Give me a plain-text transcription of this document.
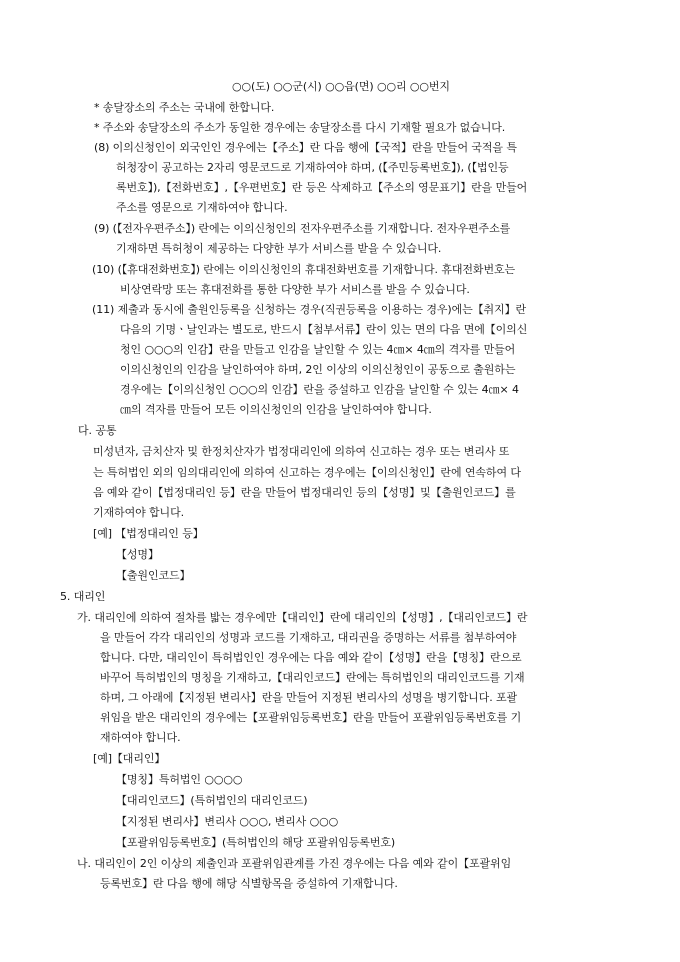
○○(도) ○○군(시) ○○읍(면) ○○리 ○○번지
* 송달장소의 주소는 국내에 한합니다.
* 주소와 송달장소의 주소가 동일한 경우에는 송달장소를 다시 기재할 필요가 없습니다.
(8) 이의신청인이 외국인인 경우에는【주소】란 다음 행에【국적】란을 만들어 국적을 특
허청장이 공고하는 2자리 영문코드로 기재하여야 하며, (【주민등록번호】), (【법인등
록번호】),【전화번호】,【우편번호】란 등은 삭제하고【주소의 영문표기】란을 만들어
주소를 영문으로 기재하여야 합니다.
(9) (【전자우편주소】) 란에는 이의신청인의 전자우편주소를 기재합니다. 전자우편주소를
기재하면 특허청이 제공하는 다양한 부가 서비스를 받을 수 있습니다.
(10) (【휴대전화번호】) 란에는 이의신청인의 휴대전화번호를 기재합니다. 휴대전화번호는
비상연락망 또는 휴대전화를 통한 다양한 부가 서비스를 받을 수 있습니다.
(11) 제출과 동시에 출원인등록을 신청하는 경우(직권등록을 이용하는 경우)에는【취지】란
다음의 기명ㆍ날인과는 별도로, 반드시【첨부서류】란이 있는 면의 다음 면에【이의신
청인 ○○○의 인감】란을 만들고 인감을 날인할 수 있는 4㎝× 4㎝의 격자를 만들어
이의신청인의 인감을 날인하여야 하며, 2인 이상의 이의신청인이 공동으로 출원하는
경우에는【이의신청인 ○○○의 인감】란을 증설하고 인감을 날인할 수 있는 4㎝× 4
㎝의 격자를 만들어 모든 이의신청인의 인감을 날인하여야 합니다.
다. 공통
미성년자, 금치산자 및 한정치산자가 법정대리인에 의하여 신고하는 경우 또는 변리사 또
는 특허법인 외의 임의대리인에 의하여 신고하는 경우에는【이의신청인】란에 연속하여 다
음 예와 같이【법정대리인 등】란을 만들어 법정대리인 등의【성명】및【출원인코드】를
기재하여야 합니다.
[예] 【법정대리인 등】
【성명】
【출원인코드】
5. 대리인
가. 대리인에 의하여 절차를 밟는 경우에만【대리인】란에 대리인의【성명】,【대리인코드】란
을 만들어 각각 대리인의 성명과 코드를 기재하고, 대리권을 증명하는 서류를 첨부하여야
합니다. 다만, 대리인이 특허법인인 경우에는 다음 예와 같이【성명】란을【명칭】란으로
바꾸어 특허법인의 명칭을 기재하고,【대리인코드】란에는 특허법인의 대리인코드를 기재
하며, 그 아래에【지정된 변리사】란을 만들어 지정된 변리사의 성명을 병기합니다. 포괄
위임을 받은 대리인의 경우에는【포괄위임등록번호】란을 만들어 포괄위임등록번호를 기
재하여야 합니다.
[예]【대리인】
【명칭】특허법인 ○○○○
【대리인코드】(특허법인의 대리인코드)
【지정된 변리사】변리사 ○○○, 변리사 ○○○
【포괄위임등록번호】(특허법인의 해당 포괄위임등록번호)
나. 대리인이 2인 이상의 제출인과 포괄위임관계를 가진 경우에는 다음 예와 같이【포괄위임
등록번호】란 다음 행에 해당 식별항목을 증설하여 기재합니다.
